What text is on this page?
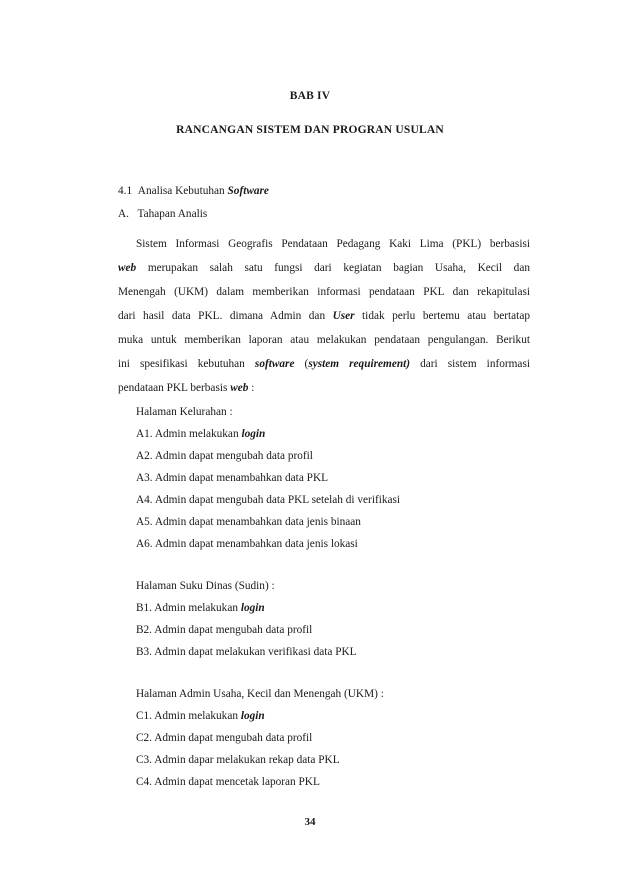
BAB IV
RANCANGAN SISTEM DAN PROGRAN USULAN
4.1 Analisa Kebutuhan Software
A. Tahapan Analis
Sistem Informasi Geografis Pendataan Pedagang Kaki Lima (PKL) berbasisi
web merupakan salah satu fungsi dari kegiatan bagian Usaha, Kecil dan
Menengah (UKM) dalam memberikan informasi pendataan PKL dan rekapitulasi
dari hasil data PKL. dimana Admin dan User tidak perlu bertemu atau bertatap
muka untuk memberikan laporan atau melakukan pendataan pengulangan. Berikut
ini spesifikasi kebutuhan software (system requirement) dari sistem informasi
pendataan PKL berbasis web :
Halaman Kelurahan :
A1. Admin melakukan login
A2. Admin dapat mengubah data profil
A3. Admin dapat menambahkan data PKL
A4. Admin dapat mengubah data PKL setelah di verifikasi
A5. Admin dapat menambahkan data jenis binaan
A6. Admin dapat menambahkan data jenis lokasi
Halaman Suku Dinas (Sudin) :
B1. Admin melakukan login
B2. Admin dapat mengubah data profil
B3. Admin dapat melakukan verifikasi data PKL
Halaman Admin Usaha, Kecil dan Menengah (UKM) :
C1. Admin melakukan login
C2. Admin dapat mengubah data profil
C3. Admin dapar melakukan rekap data PKL
C4. Admin dapat mencetak laporan PKL
34
